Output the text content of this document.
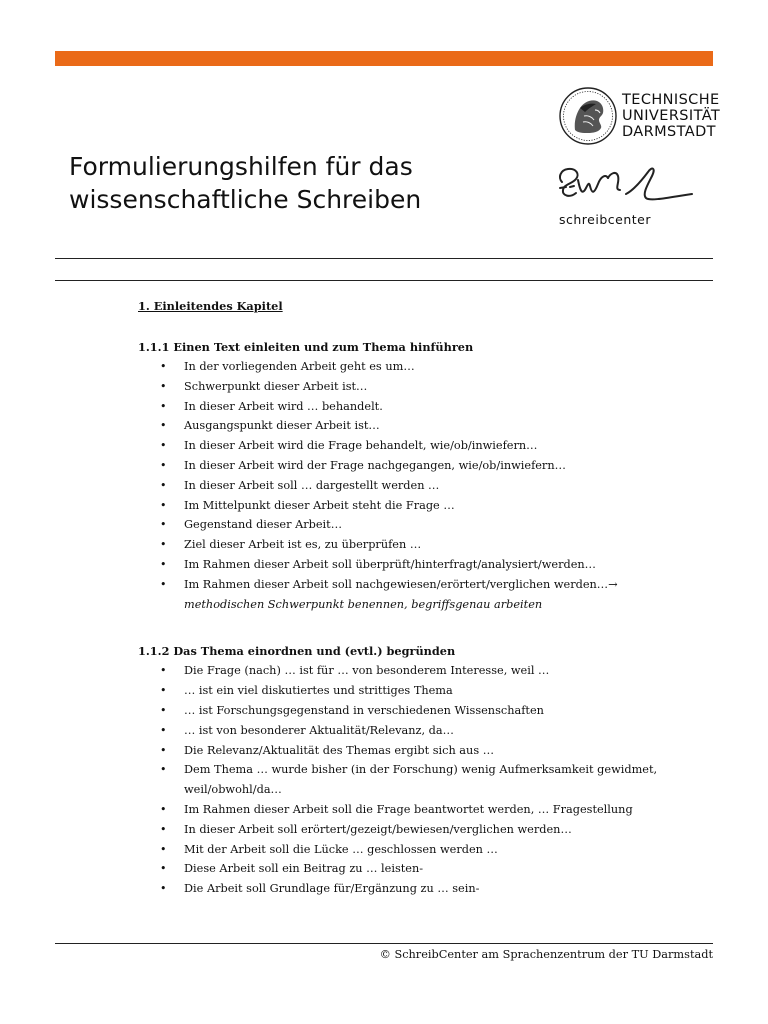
TECHNISCHE
UNIVERSITÄT
DARMSTADT
Formulierungshilfen für das
wissenschaftliche Schreiben
schreibcenter
1. Einleitendes Kapitel
1.1.1 Einen Text einleiten und zum Thema hinführen
• In der vorliegenden Arbeit geht es um…
• Schwerpunkt dieser Arbeit ist…
• In dieser Arbeit wird … behandelt.
• Ausgangspunkt dieser Arbeit ist…
• In dieser Arbeit wird die Frage behandelt, wie/ob/inwiefern…
• In dieser Arbeit wird der Frage nachgegangen, wie/ob/inwiefern…
• In dieser Arbeit soll … dargestellt werden …
• Im Mittelpunkt dieser Arbeit steht die Frage …
• Gegenstand dieser Arbeit…
• Ziel dieser Arbeit ist es, zu überprüfen …
• Im Rahmen dieser Arbeit soll überprüft/hinterfragt/analysiert/werden…
• Im Rahmen dieser Arbeit soll nachgewiesen/erörtert/verglichen werden…→
methodischen Schwerpunkt benennen, begriffsgenau arbeiten
1.1.2 Das Thema einordnen und (evtl.) begründen
• Die Frage (nach) … ist für … von besonderem Interesse, weil …
• … ist ein viel diskutiertes und strittiges Thema
• … ist Forschungsgegenstand in verschiedenen Wissenschaften
• … ist von besonderer Aktualität/Relevanz, da…
• Die Relevanz/Aktualität des Themas ergibt sich aus …
• Dem Thema … wurde bisher (in der Forschung) wenig Aufmerksamkeit gewidmet, weil/obwohl/da…
• Im Rahmen dieser Arbeit soll die Frage beantwortet werden, … Fragestellung
• In dieser Arbeit soll erörtert/gezeigt/bewiesen/verglichen werden…
• Mit der Arbeit soll die Lücke … geschlossen werden …
• Diese Arbeit soll ein Beitrag zu … leisten-
• Die Arbeit soll Grundlage für/Ergänzung zu … sein-
© SchreibCenter am Sprachenzentrum der TU Darmstadt
